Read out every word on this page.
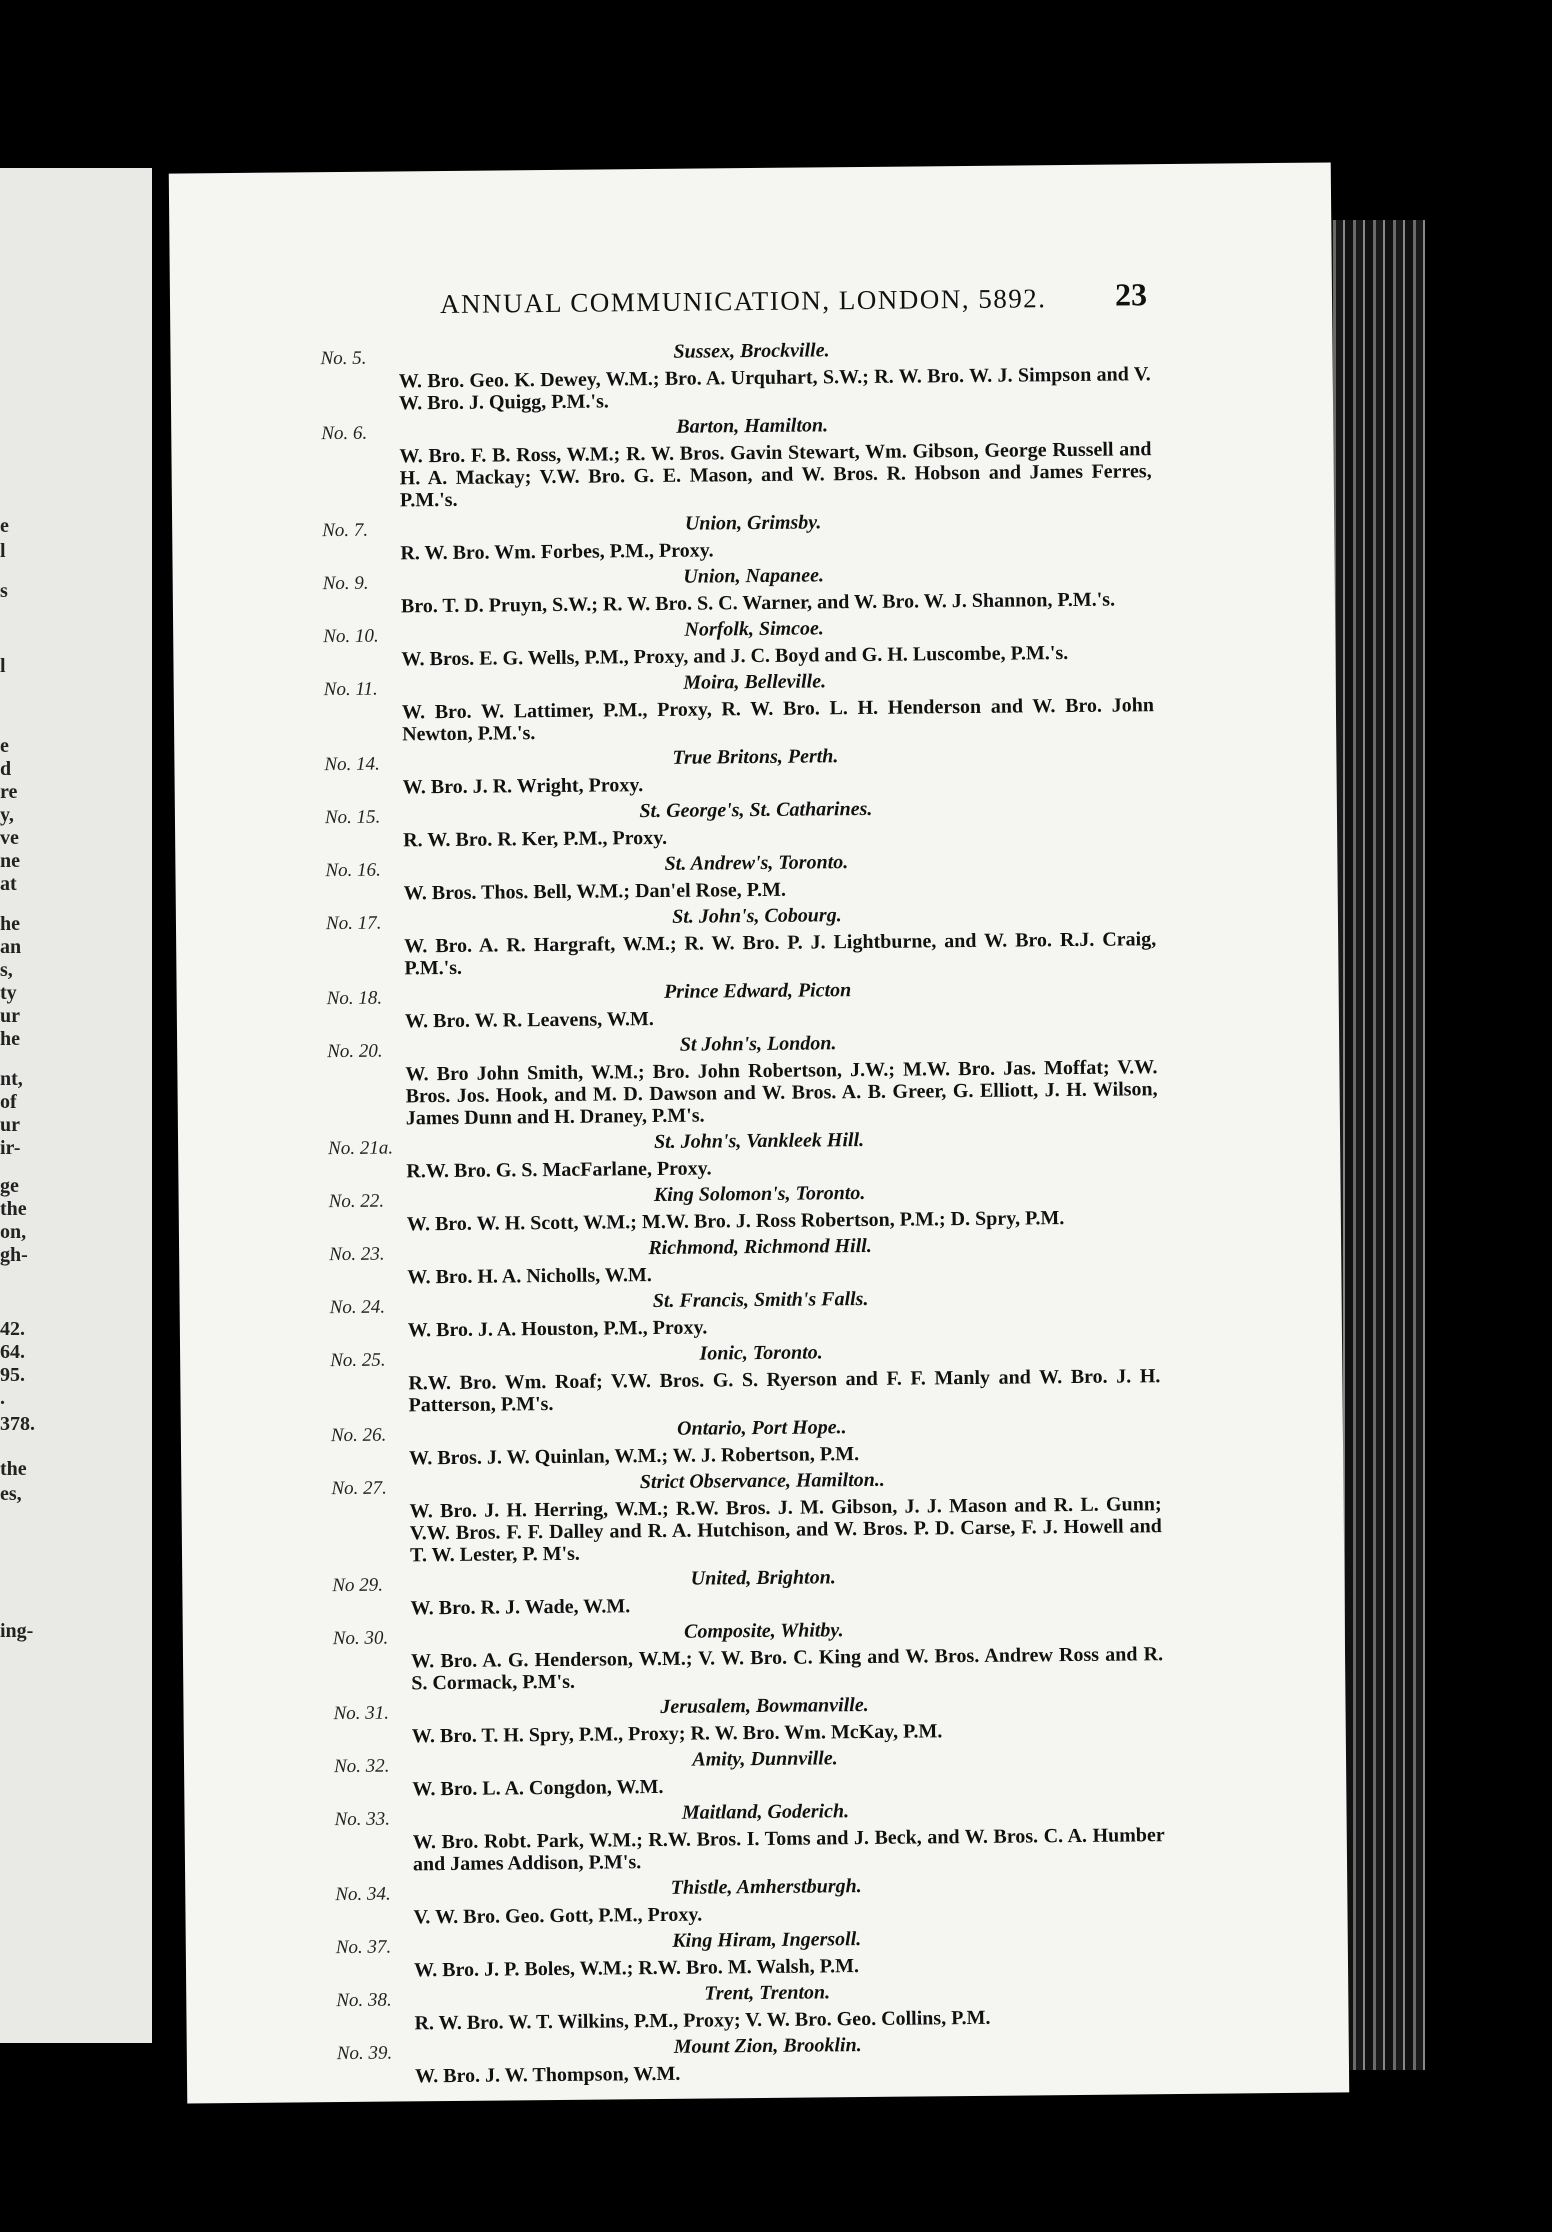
e
l
s
l
e
d
re
y,
ve
ne
at
he
an
s,
ty
ur
he
nt,
of
ur
ir-
ge
the
on,
gh-
42.
64.
95.
.
378.
the
es,
ing-
ANNUAL COMMUNICATION, LONDON, 5892.	23
No. 5.	Sussex, Brockville.
W. Bro. Geo. K. Dewey, W.M.; Bro. A. Urquhart, S.W.; R. W. Bro. W. J. Simpson and V. W. Bro. J. Quigg, P.M.'s.
No. 6.	Barton, Hamilton.
W. Bro. F. B. Ross, W.M.; R. W. Bros. Gavin Stewart, Wm. Gibson, George Russell and H. A. Mackay; V.W. Bro. G. E. Mason, and W. Bros. R. Hobson and James Ferres, P.M.'s.
No. 7.	Union, Grimsby.
R. W. Bro. Wm. Forbes, P.M., Proxy.
No. 9.	Union, Napanee.
Bro. T. D. Pruyn, S.W.; R. W. Bro. S. C. Warner, and W. Bro. W. J. Shannon, P.M.'s.
No. 10.	Norfolk, Simcoe.
W. Bros. E. G. Wells, P.M., Proxy, and J. C. Boyd and G. H. Luscombe, P.M.'s.
No. 11.	Moira, Belleville.
W. Bro. W. Lattimer, P.M., Proxy, R. W. Bro. L. H. Henderson and W. Bro. John Newton, P.M.'s.
No. 14.	True Britons, Perth.
W. Bro. J. R. Wright, Proxy.
No. 15.	St. George's, St. Catharines.
R. W. Bro. R. Ker, P.M., Proxy.
No. 16.	St. Andrew's, Toronto.
W. Bros. Thos. Bell, W.M.; Dan'el Rose, P.M.
No. 17.	St. John's, Cobourg.
W. Bro. A. R. Hargraft, W.M.; R. W. Bro. P. J. Lightburne, and W. Bro. R.J. Craig, P.M.'s.
No. 18.	Prince Edward, Picton
W. Bro. W. R. Leavens, W.M.
No. 20.	St John's, London.
W. Bro John Smith, W.M.; Bro. John Robertson, J.W.; M.W. Bro. Jas. Moffat; V.W. Bros. Jos. Hook, and M. D. Dawson and W. Bros. A. B. Greer, G. Elliott, J. H. Wilson, James Dunn and H. Draney, P.M's.
No. 21a.	St. John's, Vankleek Hill.
R.W. Bro. G. S. MacFarlane, Proxy.
No. 22.	King Solomon's, Toronto.
W. Bro. W. H. Scott, W.M.; M.W. Bro. J. Ross Robertson, P.M.; D. Spry, P.M.
No. 23.	Richmond, Richmond Hill.
W. Bro. H. A. Nicholls, W.M.
No. 24.	St. Francis, Smith's Falls.
W. Bro. J. A. Houston, P.M., Proxy.
No. 25.	Ionic, Toronto.
R.W. Bro. Wm. Roaf; V.W. Bros. G. S. Ryerson and F. F. Manly and W. Bro. J. H. Patterson, P.M's.
No. 26.	Ontario, Port Hope..
W. Bros. J. W. Quinlan, W.M.; W. J. Robertson, P.M.
No. 27.	Strict Observance, Hamilton..
W. Bro. J. H. Herring, W.M.; R.W. Bros. J. M. Gibson, J. J. Mason and R. L. Gunn; V.W. Bros. F. F. Dalley and R. A. Hutchison, and W. Bros. P. D. Carse, F. J. Howell and T. W. Lester, P. M's.
No 29.	United, Brighton.
W. Bro. R. J. Wade, W.M.
No. 30.	Composite, Whitby.
W. Bro. A. G. Henderson, W.M.; V. W. Bro. C. King and W. Bros. Andrew Ross and R. S. Cormack, P.M's.
No. 31.	Jerusalem, Bowmanville.
W. Bro. T. H. Spry, P.M., Proxy; R. W. Bro. Wm. McKay, P.M.
No. 32.	Amity, Dunnville.
W. Bro. L. A. Congdon, W.M.
No. 33.	Maitland, Goderich.
W. Bro. Robt. Park, W.M.; R.W. Bros. I. Toms and J. Beck, and W. Bros. C. A. Humber and James Addison, P.M's.
No. 34.	Thistle, Amherstburgh.
V. W. Bro. Geo. Gott, P.M., Proxy.
No. 37.	King Hiram, Ingersoll.
W. Bro. J. P. Boles, W.M.; R.W. Bro. M. Walsh, P.M.
No. 38.	Trent, Trenton.
R. W. Bro. W. T. Wilkins, P.M., Proxy; V. W. Bro. Geo. Collins, P.M.
No. 39.	Mount Zion, Brooklin.
W. Bro. J. W. Thompson, W.M.
